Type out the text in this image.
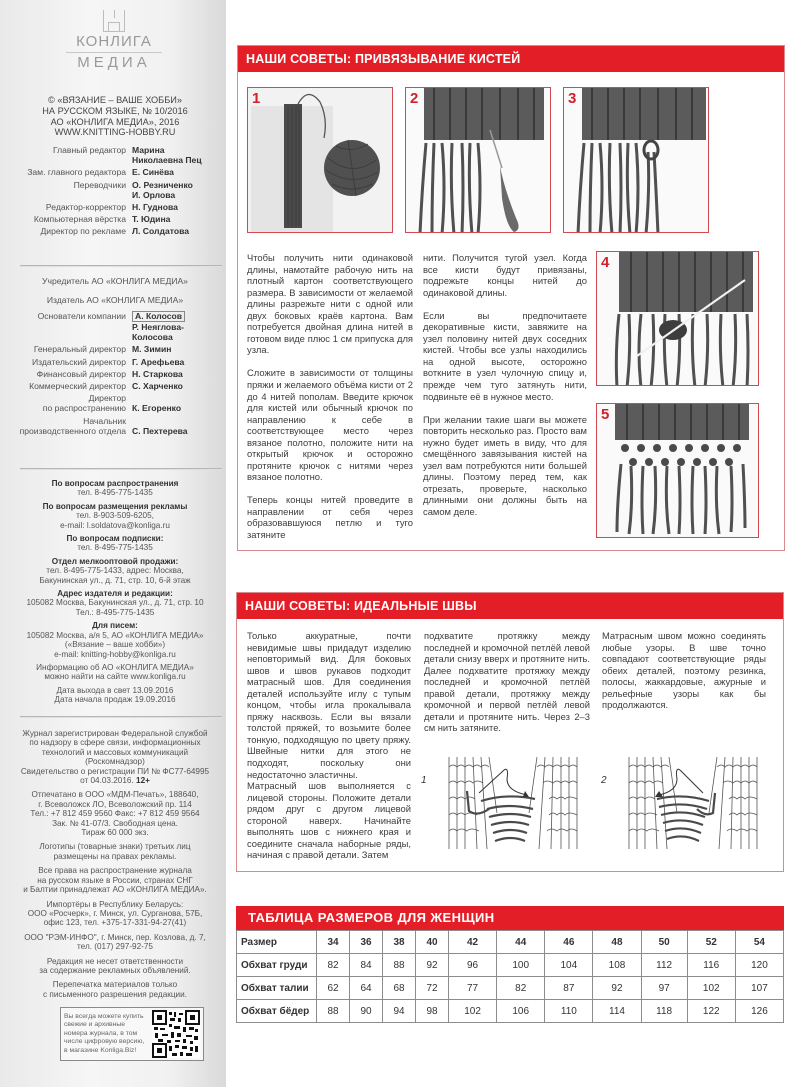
КОНЛИГА
МЕДИА
© «ВЯЗАНИЕ – ВАШЕ ХОББИ»
НА РУССКОМ ЯЗЫКЕ, № 10/2016
АО «КОНЛИГА МЕДИА», 2016
WWW.KNITTING-HOBBY.RU
Главный редактор Марина
Николаевна Пец
Зам. главного редактора Е. Синёва
Переводчики О. Резниченко
И. Орлова
Редактор-корректор Н. Гуднова
Компьютерная вёрстка Т. Юдина
Директор по рекламе Л. Солдатова
Учредитель АО «КОНЛИГА МЕДИА»
Издатель АО «КОНЛИГА МЕДИА»
Основатели компании	А. Колосов
Р. Неяглова-
Колосова
Генеральный директор М. Зимин
Издательский директор Г. Арефьева
Финансовый директор Н. Старкова
Коммерческий директор С. Харченко
Директор
по распространению К. Егоренко
Начальник
производственного отдела С. Пехтерева
По вопросам распространения
тел. 8-495-775-1435
По вопросам размещения рекламы
тел. 8-903-509-6205,
e-mail: l.soldatova@konliga.ru
По вопросам подписки:
тел. 8-495-775-1435
Отдел мелкооптовой продажи:
тел. 8-495-775-1433, адрес: Москва,
Бакунинская ул., д. 71, стр. 10, 6-й этаж
Адрес издателя и редакции:
105082 Москва, Бакунинская ул., д. 71, стр. 10
Тел.: 8-495-775-1435
Для писем:
105082 Москва, а/я 5, АО «КОНЛИГА МЕДИА»
(«Вязание – ваше хобби»)
e-mail: knitting-hobby@konliga.ru
Информацию об АО «КОНЛИГА МЕДИА»
можно найти на сайте www.konliga.ru
Дата выхода в свет 13.09.2016
Дата начала продаж 19.09.2016
Журнал зарегистрирован Федеральной службой
по надзору в сфере связи, информационных
технологий и массовых коммуникаций
(Роскомнадзор)
Свидетельство о регистрации ПИ № ФС77-64995
от 04.03.2016. 12+
Отпечатано в ООО «МДМ-Печать», 188640,
г. Всеволожск ЛО, Всеволожский пр. 114
Тел.: +7 812 459 9560 Факс: +7 812 459 9564
Зак. № 41-07/3. Свободная цена.
Тираж 60 000 экз.
Логотипы (товарные знаки) третьих лиц
размещены на правах рекламы.
Все права на распространение журнала
на русском языке в России, странах СНГ
и Балтии принадлежат АО «КОНЛИГА МЕДИА».
Импортёры в Республику Беларусь:
ООО «Росчерк», г. Минск, ул. Сурганова, 57Б,
офис 123, тел. +375-17-331-94-27(41)
ООО "РЭМ-ИНФО", г. Минск, пер. Козлова, д. 7,
тел. (017) 297-92-75
Редакция не несет ответственности
за содержание рекламных объявлений.
Перепечатка материалов только
с письменного разрешения редакции.
Вы всегда можете купить свежие и архивные номера журнала, в том числе цифровую версию, в магазине Konliga.Biz!
НАШИ СОВЕТЫ: ПРИВЯЗЫВАНИЕ КИСТЕЙ
1	2	3
4
5

Чтобы получить нити одинаковой длины, намотайте рабочую нить на плотный картон соответствующего размера. В зависимости от желаемой длины разрежьте нити с одной или двух боковых краёв картона. Вам потребуется двойная длина нитей в готовом виде плюс 1 см припуска для узла.

Сложите в зависимости от толщины пряжи и желаемого объёма кисти от 2 до 4 нитей пополам. Введите крючок для кистей или обычный крючок по направлению к себе в соответствующее место через вязаное полотно, положите нити на открытый крючок и осторожно протяните крючок с нитями через вязаное полотно.

Теперь концы нитей проведите в направлении от себя через образовавшуюся петлю и туго затяните

нити. Получится тугой узел. Когда все кисти будут привязаны, подрежьте концы нитей до одинаковой длины.

Если вы предпочитаете декоративные кисти, завяжите на узел половину нитей двух соседних кистей. Чтобы все узлы находились на одной высоте, осторожно воткните в узел чулочную спицу и, прежде чем туго затянуть нити, подвиньте её в нужное место.

При желании такие шаги вы можете повторить несколько раз. Просто вам нужно будет иметь в виду, что для смещённого завязывания кистей на узел вам потребуются нити большей длины. Поэтому перед тем, как отрезать, проверьте, насколько длинными они должны быть на самом деле.

НАШИ СОВЕТЫ: ИДЕАЛЬНЫЕ ШВЫ

Только аккуратные, почти невидимые швы придадут изделию неповторимый вид. Для боковых швов и швов рукавов подходит матрасный шов. Для соединения деталей используйте иглу с тупым концом, чтобы игла прокалывала пряжу насквозь. Если вы вязали толстой пряжей, то возьмите более тонкую, подходящую по цвету пряжу. Швейные нитки для этого не подходят, поскольку они недостаточно эластичны.

Матрасный шов выполняется с лицевой стороны. Положите детали рядом друг с другом лицевой стороной наверх. Начинайте выполнять шов с нижнего края и соедините сначала наборные ряды, начиная с правой детали. Затем

подхватите протяжку между последней и кромочной петлёй левой детали снизу вверх и протяните нить. Далее подхватите протяжку между последней и кромочной петлёй правой детали, протяжку между кромочной и первой петлёй левой детали и протяните нить. Через 2–3 см нить затяните.

Матрасным швом можно соединять любые узоры. В шве точно совпадают соответствующие ряды обеих деталей, поэтому резинка, полосы, жаккардовые, ажурные и рельефные узоры как бы продолжаются.

1	2
ТАБЛИЦА РАЗМЕРОВ ДЛЯ ЖЕНЩИН
Размер	34	36	38	40	42	44	46	48	50	52	54
Обхват груди	82	84	88	92	96	100	104	108	112	116	120
Обхват талии	62	64	68	72	77	82	87	92	97	102	107
Обхват бёдер	88	90	94	98	102	106	110	114	118	122	126
